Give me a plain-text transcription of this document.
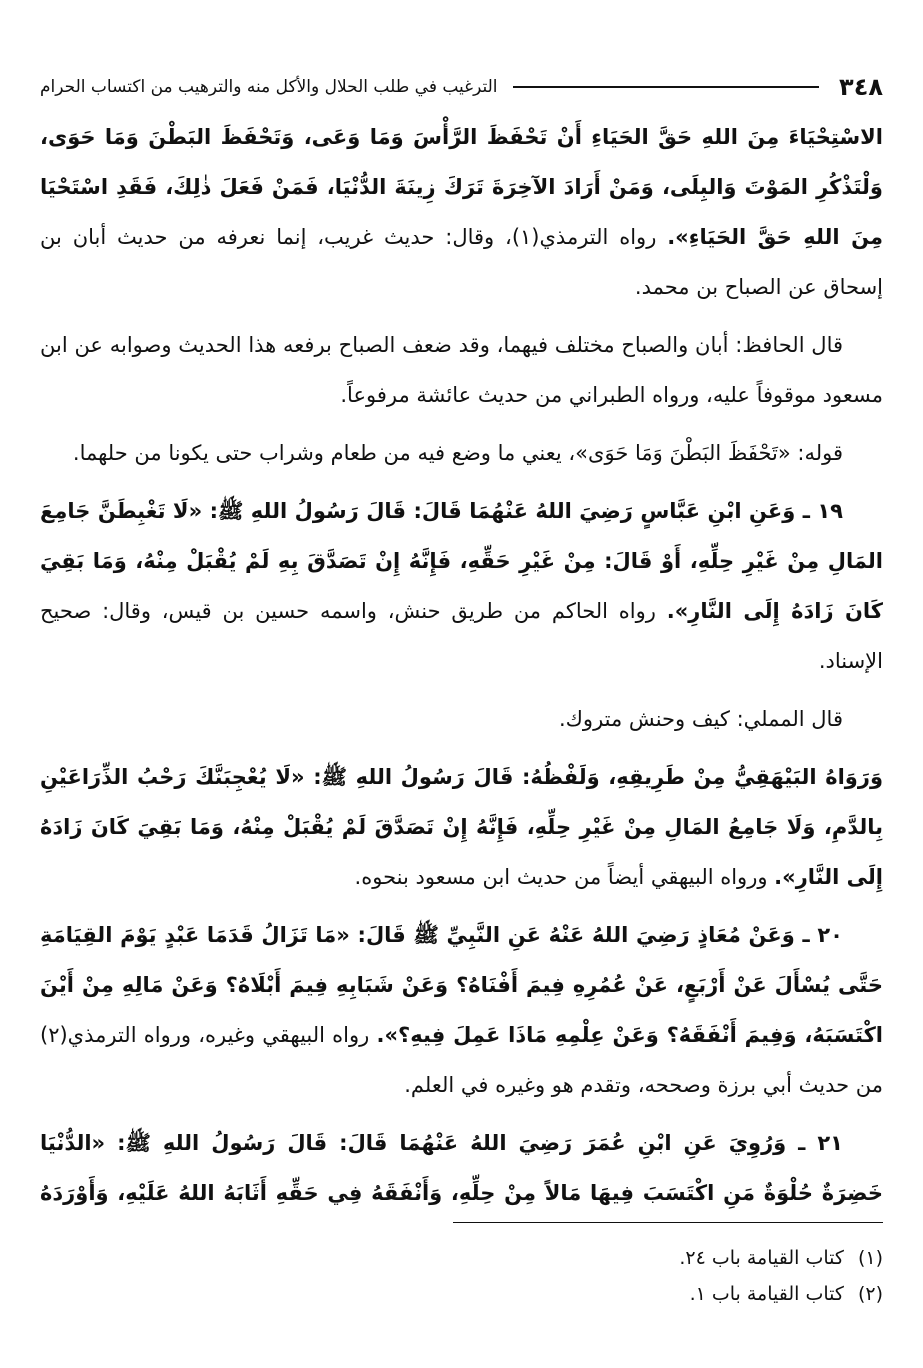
٣٤٨
الترغيب في طلب الحلال والأكل منه والترهيب من اكتساب الحرام

الاسْتِحْيَاءَ مِنَ اللهِ حَقَّ الحَيَاءِ أَنْ تَحْفَظَ الرَّأْسَ وَمَا وَعَى، وَتَحْفَظَ البَطْنَ وَمَا حَوَى، وَلْتَذْكُرِ المَوْتَ وَالبِلَى، وَمَنْ أَرَادَ الآخِرَةَ تَرَكَ زِينَةَ الدُّنْيَا، فَمَنْ فَعَلَ ذٰلِكَ، فَقَدِ اسْتَحْيَا مِنَ اللهِ حَقَّ الحَيَاءِ». رواه الترمذي(١)، وقال: حديث غريب، إنما نعرفه من حديث أبان بن إسحاق عن الصباح بن محمد.

قال الحافظ: أبان والصباح مختلف فيهما، وقد ضعف الصباح برفعه هذا الحديث وصوابه عن ابن مسعود موقوفاً عليه، ورواه الطبراني من حديث عائشة مرفوعاً.

قوله: «تَحْفَظَ البَطْنَ وَمَا حَوَى»، يعني ما وضع فيه من طعام وشراب حتى يكونا من حلهما.

١٩ ـ وَعَنِ ابْنِ عَبَّاسٍ رَضِيَ اللهُ عَنْهُمَا قَالَ: قَالَ رَسُولُ اللهِ ﷺ: «لَا تَغْبِطَنَّ جَامِعَ المَالِ مِنْ غَيْرِ حِلِّهِ، أَوْ قَالَ: مِنْ غَيْرِ حَقِّهِ، فَإِنَّهُ إِنْ تَصَدَّقَ بِهِ لَمْ يُقْبَلْ مِنْهُ، وَمَا بَقِيَ كَانَ زَادَهُ إِلَى النَّارِ». رواه الحاكم من طريق حنش، واسمه حسين بن قيس، وقال: صحيح الإسناد.

قال المملي: كيف وحنش متروك.

وَرَوَاهُ البَيْهَقِيُّ مِنْ طَرِيقِهِ، وَلَفْظُهُ: قَالَ رَسُولُ اللهِ ﷺ: «لَا يُعْجِبَنَّكَ رَحْبُ الذِّرَاعَيْنِ بِالدَّمِ، وَلَا جَامِعُ المَالِ مِنْ غَيْرِ حِلِّهِ، فَإِنَّهُ إِنْ تَصَدَّقَ لَمْ يُقْبَلْ مِنْهُ، وَمَا بَقِيَ كَانَ زَادَهُ إِلَى النَّارِ». ورواه البيهقي أيضاً من حديث ابن مسعود بنحوه.

٢٠ ـ وَعَنْ مُعَاذٍ رَضِيَ اللهُ عَنْهُ عَنِ النَّبِيِّ ﷺ قَالَ: «مَا تَزَالُ قَدَمَا عَبْدٍ يَوْمَ القِيَامَةِ حَتَّى يُسْأَلَ عَنْ أَرْبَعٍ، عَنْ عُمُرِهِ فِيمَ أَفْنَاهُ؟ وَعَنْ شَبَابِهِ فِيمَ أَبْلَاهُ؟ وَعَنْ مَالِهِ مِنْ أَيْنَ اكْتَسَبَهُ، وَفِيمَ أَنْفَقَهُ؟ وَعَنْ عِلْمِهِ مَاذَا عَمِلَ فِيهِ؟». رواه البيهقي وغيره، ورواه الترمذي(٢) من حديث أبي برزة وصححه، وتقدم هو وغيره في العلم.

٢١ ـ وَرُوِيَ عَنِ ابْنِ عُمَرَ رَضِيَ اللهُ عَنْهُمَا قَالَ: قَالَ رَسُولُ اللهِ ﷺ: «الدُّنْيَا خَضِرَةٌ حُلْوَةٌ مَنِ اكْتَسَبَ فِيهَا مَالاً مِنْ حِلِّهِ، وَأَنْفَقَهُ فِي حَقِّهِ أَثَابَهُ اللهُ عَلَيْهِ، وَأَوْرَدَهُ

(١)كتاب القيامة باب ٢٤.
(٢)كتاب القيامة باب ١.
